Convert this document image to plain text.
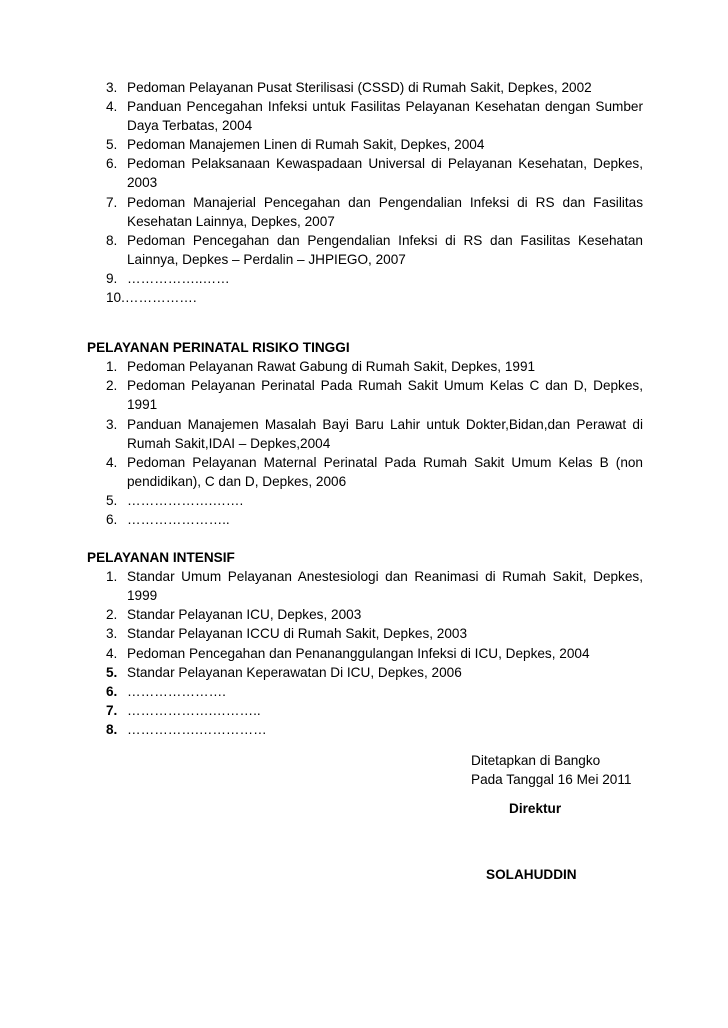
3. Pedoman Pelayanan Pusat Sterilisasi (CSSD) di Rumah Sakit, Depkes, 2002
4. Panduan Pencegahan Infeksi untuk Fasilitas Pelayanan Kesehatan dengan Sumber Daya Terbatas, 2004
5. Pedoman Manajemen Linen di Rumah Sakit, Depkes, 2004
6. Pedoman Pelaksanaan Kewaspadaan Universal di Pelayanan Kesehatan, Depkes, 2003
7. Pedoman Manajerial Pencegahan dan Pengendalian Infeksi di RS dan Fasilitas Kesehatan Lainnya, Depkes, 2007
8. Pedoman Pencegahan dan Pengendalian Infeksi di RS dan Fasilitas Kesehatan Lainnya, Depkes – Perdalin – JHPIEGO, 2007
9. ……………..……
10.…………….

PELAYANAN PERINATAL RISIKO TINGGI

1. Pedoman Pelayanan Rawat Gabung di Rumah Sakit, Depkes, 1991
2. Pedoman Pelayanan Perinatal Pada Rumah Sakit Umum Kelas C dan D, Depkes, 1991
3. Panduan Manajemen Masalah Bayi Baru Lahir untuk Dokter,Bidan,dan Perawat di Rumah Sakit,IDAI – Depkes,2004
4. Pedoman Pelayanan Maternal Perinatal Pada Rumah Sakit Umum Kelas B (non pendidikan), C dan D, Depkes, 2006
5. ……………….…….
6. …………………..

PELAYANAN INTENSIF

1. Standar Umum Pelayanan Anestesiologi dan Reanimasi di Rumah Sakit, Depkes, 1999
2. Standar Pelayanan ICU, Depkes, 2003
3. Standar Pelayanan ICCU di Rumah Sakit, Depkes, 2003
4. Pedoman Pencegahan dan Penananggulangan Infeksi di ICU, Depkes, 2004
5. Standar Pelayanan Keperawatan Di ICU, Depkes, 2006
6. ………………….
7. ……………….………..
8. …………….……………
Ditetapkan di Bangko
Pada Tanggal 16 Mei 2011
Direktur
SOLAHUDDIN
